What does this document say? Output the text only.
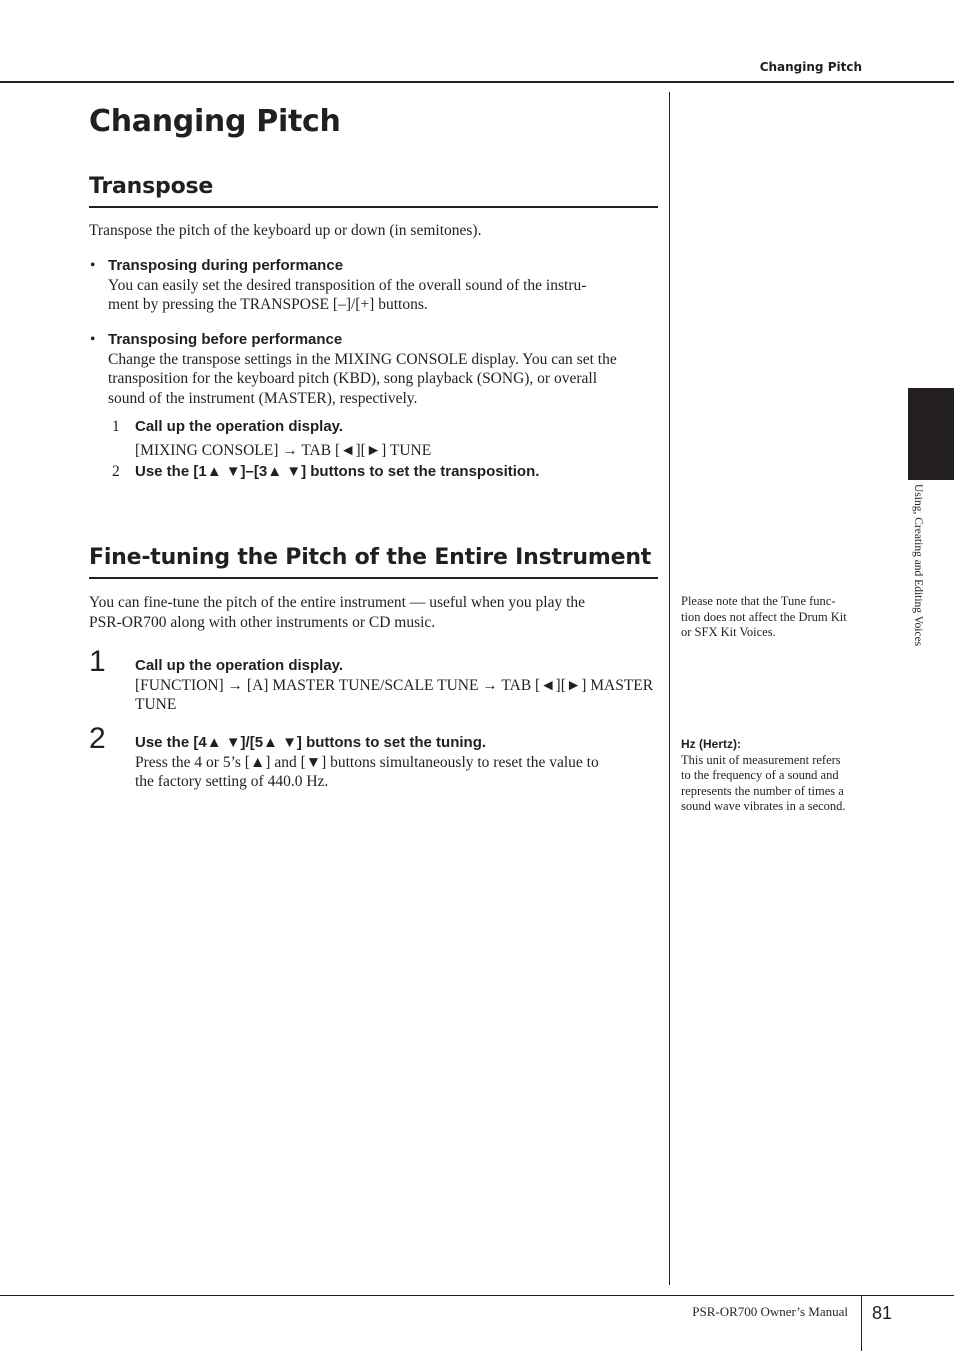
Changing Pitch
Changing Pitch
Transpose
Transpose the pitch of the keyboard up or down (in semitones).
• Transposing during performance
You can easily set the desired transposition of the overall sound of the instru-
ment by pressing the TRANSPOSE [–]/[+] buttons.
• Transposing before performance
Change the transpose settings in the MIXING CONSOLE display. You can set the
transposition for the keyboard pitch (KBD), song playback (SONG), or overall
sound of the instrument (MASTER), respectively.
1 Call up the operation display.
[MIXING CONSOLE] → TAB [◄][►] TUNE
2 Use the [1▲ ▼]–[3▲ ▼] buttons to set the transposition.
Fine-tuning the Pitch of the Entire Instrument
You can fine-tune the pitch of the entire instrument — useful when you play the
PSR-OR700 along with other instruments or CD music.
1 Call up the operation display.
[FUNCTION] → [A] MASTER TUNE/SCALE TUNE → TAB [◄][►] MASTER
TUNE
2 Use the [4▲ ▼]/[5▲ ▼] buttons to set the tuning.
Press the 4 or 5’s [▲] and [▼] buttons simultaneously to reset the value to
the factory setting of 440.0 Hz.
Please note that the Tune func-
tion does not affect the Drum Kit
or SFX Kit Voices.
Hz (Hertz):
This unit of measurement refers
to the frequency of a sound and
represents the number of times a
sound wave vibrates in a second.
Using, Creating and Editing Voices
PSR-OR700 Owner’s Manual 81
